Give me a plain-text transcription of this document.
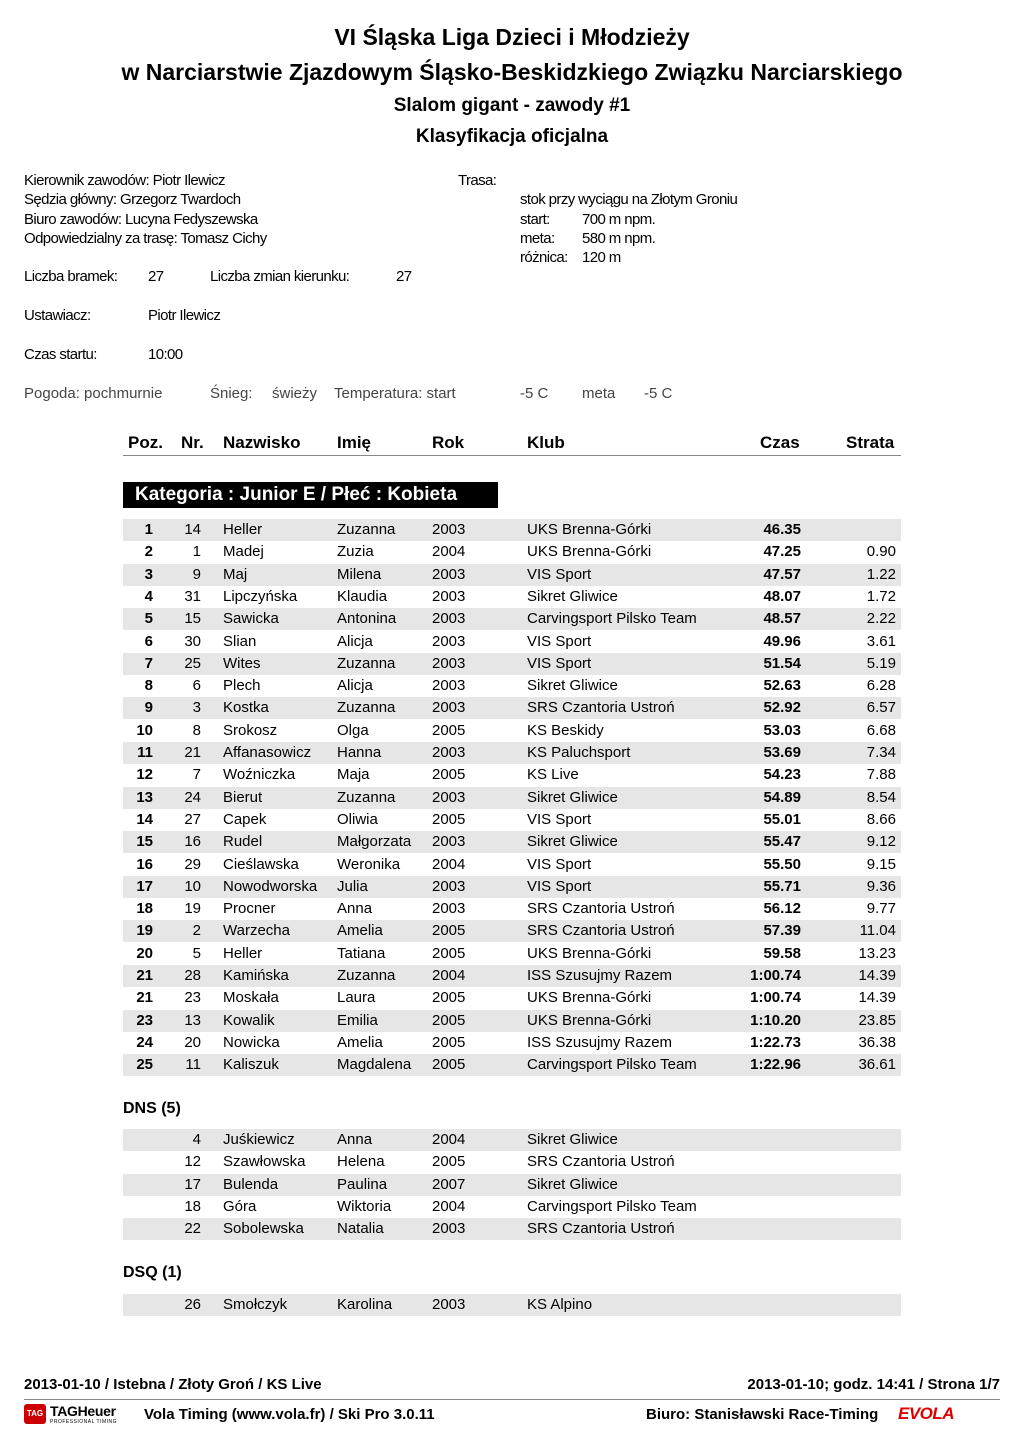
VI Śląska Liga Dzieci i Młodzieży
w Narciarstwie Zjazdowym Śląsko-Beskidzkiego Związku Narciarskiego
Slalom gigant - zawody #1
Klasyfikacja oficjalna
Kierownik zawodów: Piotr Ilewicz
Sędzia główny: Grzegorz Twardoch
Biuro zawodów: Lucyna Fedyszewska
Odpowiedzialny za trasę: Tomasz Cichy
Trasa:
stok przy wyciągu na Złotym Groniu
start: 700 m npm.
meta: 580 m npm.
różnica: 120 m
Liczba bramek: 27	Liczba zmian kierunku:	27
Ustawiacz:	Piotr Ilewicz
Czas startu:	10:00
Pogoda: pochmurnie	Śnieg: świeży Temperatura: start	-5 C meta -5 C
Poz. Nr. Nazwisko Imię	Rok	Klub	Czas	Strata
Kategoria : Junior E / Płeć : Kobieta
1	14 Heller	Zuzanna 2003	UKS Brenna-Górki	46.35
2	1 Madej	Zuzia	2004	UKS Brenna-Górki	47.25	0.90
3	9 Maj	Milena	2003	VIS Sport	47.57	1.22
4	31 Lipczyńska	Klaudia	2003	Sikret Gliwice	48.07	1.72
5	15 Sawicka	Antonina 2003	Carvingsport Pilsko Team	48.57	2.22
6	30 Slian	Alicja	2003	VIS Sport	49.96	3.61
7	25 Wites	Zuzanna 2003	VIS Sport	51.54	5.19
8	6 Plech	Alicja	2003	Sikret Gliwice	52.63	6.28
9	3 Kostka	Zuzanna 2003	SRS Czantoria Ustroń	52.92	6.57
10	8 Srokosz	Olga	2005	KS Beskidy	53.03	6.68
11	21 Affanasowicz Hanna	2003	KS Paluchsport	53.69	7.34
12	7 Woźniczka	Maja	2005	KS Live	54.23	7.88
13	24 Bierut	Zuzanna 2003	Sikret Gliwice	54.89	8.54
14	27 Capek	Oliwia	2005	VIS Sport	55.01	8.66
15	16 Rudel	Małgorzata 2003	Sikret Gliwice	55.47	9.12
16	29 Cieślawska	Weronika 2004	VIS Sport	55.50	9.15
17	10 Nowodworska Julia	2003	VIS Sport	55.71	9.36
18	19 Procner	Anna	2003	SRS Czantoria Ustroń	56.12	9.77
19	2 Warzecha	Amelia	2005	SRS Czantoria Ustroń	57.39	11.04
20	5 Heller	Tatiana	2005	UKS Brenna-Górki	59.58	13.23
21	28 Kamińska	Zuzanna 2004	ISS Szusujmy Razem	1:00.74	14.39
21	23 Moskała	Laura	2005	UKS Brenna-Górki	1:00.74	14.39
23	13 Kowalik	Emilia	2005	UKS Brenna-Górki	1:10.20	23.85
24	20 Nowicka	Amelia	2005	ISS Szusujmy Razem	1:22.73	36.38
25	11 Kaliszuk	Magdalena 2005	Carvingsport Pilsko Team	1:22.96	36.61
DNS (5)
4 Juśkiewicz	Anna	2004	Sikret Gliwice
12 Szawłowska Helena	2005	SRS Czantoria Ustroń
17 Bulenda	Paulina	2007	Sikret Gliwice
18 Góra	Wiktoria	2004	Carvingsport Pilsko Team
22 Sobolewska Natalia	2003	SRS Czantoria Ustroń
DSQ (1)
26 Smołczyk	Karolina	2003	KS Alpino
2013-01-10 / Istebna / Złoty Groń / KS Live	2013-01-10; godz. 14:41 / Strona 1/7
TAG TAGHeuer
PROFESSIONAL TIMING Vola Timing (www.vola.fr) / Ski Pro 3.0.11	Biuro: Stanisławski Race-Timing EVOLA
